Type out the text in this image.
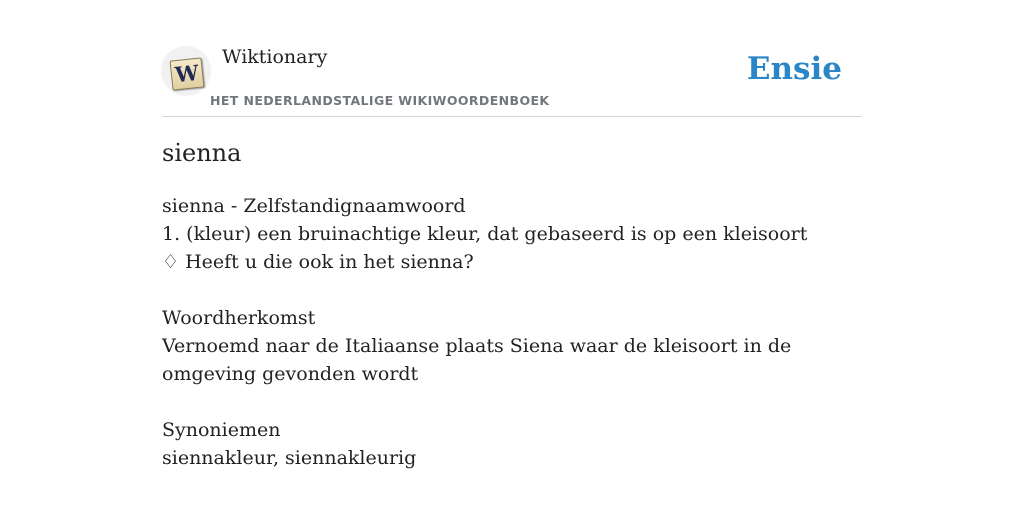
W
Wiktionary
HET NEDERLANDSTALIGE WIKIWOORDENBOEK
Ensie
sienna
sienna - Zelfstandignaamwoord
1. (kleur) een bruinachtige kleur, dat gebaseerd is op een kleisoort
♢ Heeft u die ook in het sienna?
Woordherkomst
Vernoemd naar de Italiaanse plaats Siena waar de kleisoort in de omgeving gevonden wordt
Synoniemen
siennakleur, siennakleurig
